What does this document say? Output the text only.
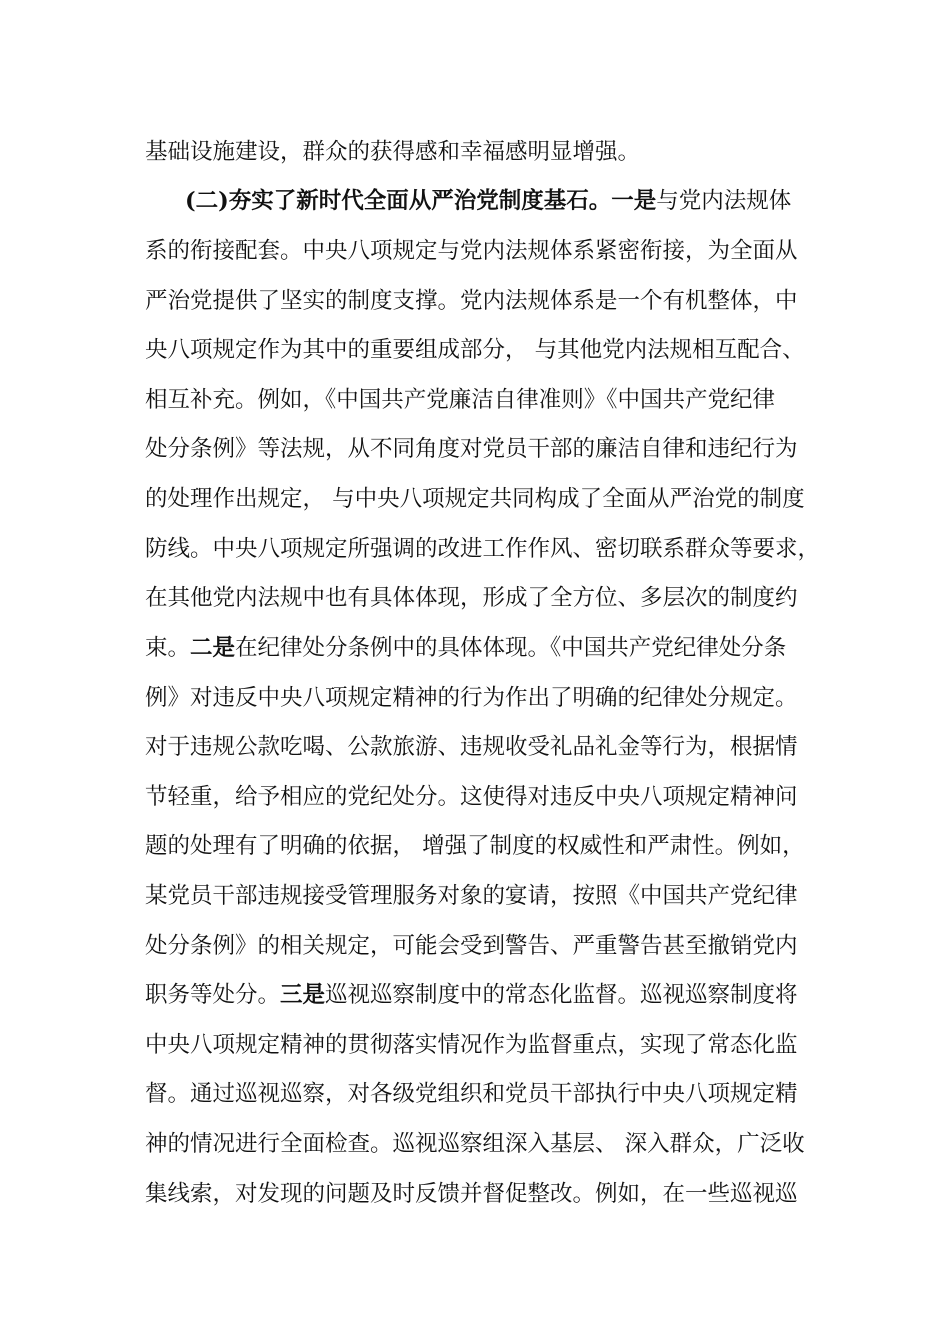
基础设施建设，群众的获得感和幸福感明显增强。
(二)夯实了新时代全面从严治党制度基石。一是与党内法规体
系的衔接配套。中央八项规定与党内法规体系紧密衔接，为全面从
严治党提供了坚实的制度支撑。党内法规体系是一个有机整体，中
央八项规定作为其中的重要组成部分， 与其他党内法规相互配合、
相互补充。例如，《中国共产党廉洁自律准则》《中国共产党纪律
处分条例》等法规，从不同角度对党员干部的廉洁自律和违纪行为
的处理作出规定， 与中央八项规定共同构成了全面从严治党的制度
防线。中央八项规定所强调的改进工作作风、密切联系群众等要求，
在其他党内法规中也有具体体现，形成了全方位、多层次的制度约
束。二是在纪律处分条例中的具体体现。《中国共产党纪律处分条
例》对违反中央八项规定精神的行为作出了明确的纪律处分规定。
对于违规公款吃喝、公款旅游、违规收受礼品礼金等行为，根据情
节轻重，给予相应的党纪处分。这使得对违反中央八项规定精神问
题的处理有了明确的依据， 增强了制度的权威性和严肃性。例如，
某党员干部违规接受管理服务对象的宴请，按照《中国共产党纪律
处分条例》的相关规定，可能会受到警告、严重警告甚至撤销党内
职务等处分。三是巡视巡察制度中的常态化监督。巡视巡察制度将
中央八项规定精神的贯彻落实情况作为监督重点，实现了常态化监
督。通过巡视巡察，对各级党组织和党员干部执行中央八项规定精
神的情况进行全面检查。巡视巡察组深入基层、 深入群众，广泛收
集线索，对发现的问题及时反馈并督促整改。例如，在一些巡视巡
